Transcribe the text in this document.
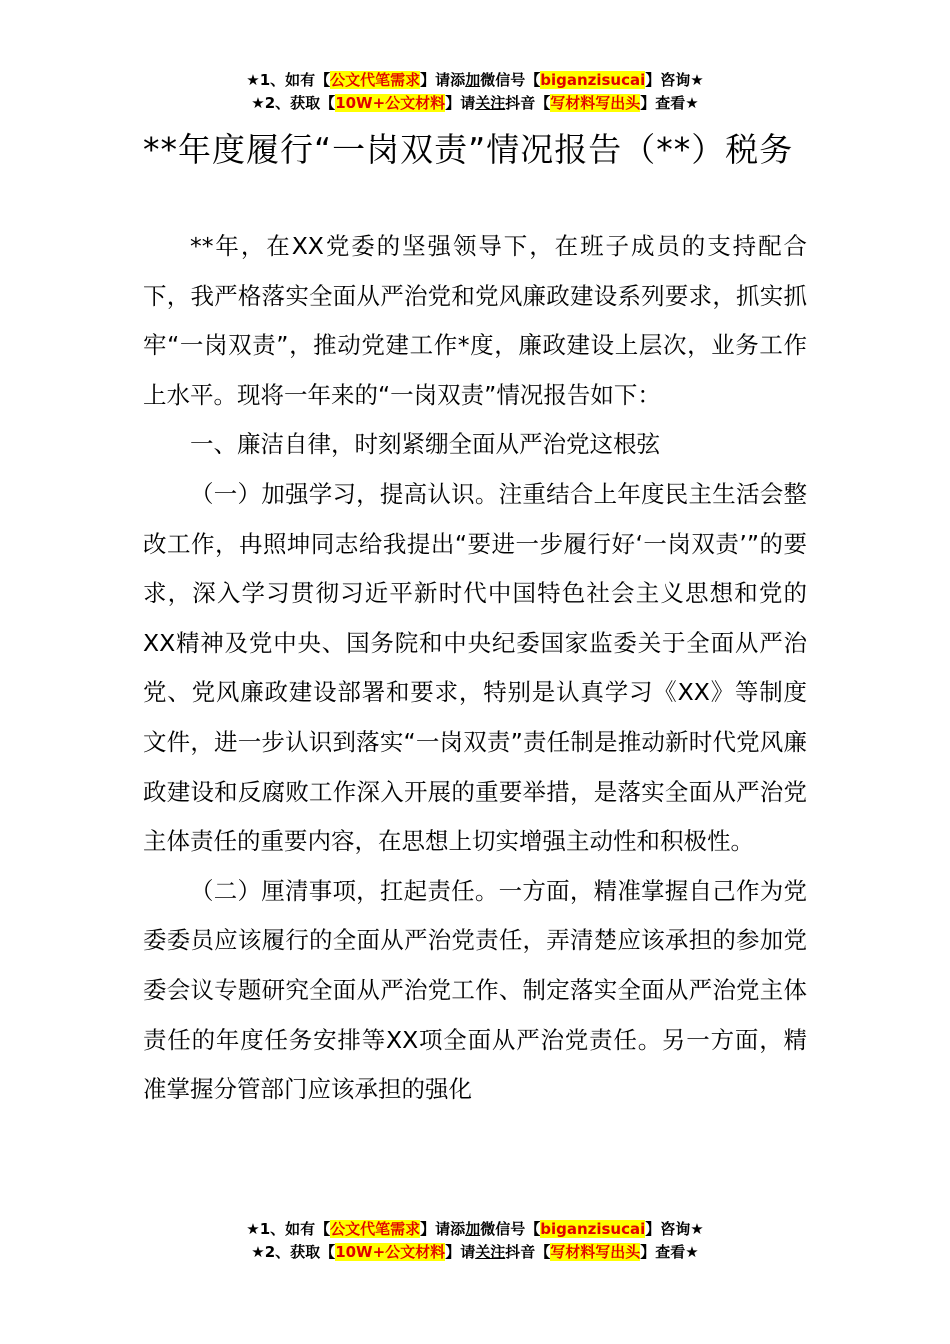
★1、如有【公文代笔需求】请添加微信号【biganzisucai】咨询★
★2、获取【10W+公文材料】请关注抖音【写材料写出头】查看★
**年度履行“一岗双责”情况报告（**）税务

**年，在XX党委的坚强领导下，在班子成员的支持配合下，我严格落实全面从严治党和党风廉政建设系列要求，抓实抓牢“一岗双责”，推动党建工作*度，廉政建设上层次，业务工作上水平。现将一年来的“一岗双责”情况报告如下：

一、廉洁自律，时刻紧绷全面从严治党这根弦

（一）加强学习，提高认识。注重结合上年度民主生活会整改工作，冉照坤同志给我提出“要进一步履行好‘一岗双责’”的要求，深入学习贯彻习近平新时代中国特色社会主义思想和党的XX精神及党中央、国务院和中央纪委国家监委关于全面从严治党、党风廉政建设部署和要求，特别是认真学习《XX》等制度文件，进一步认识到落实“一岗双责”责任制是推动新时代党风廉政建设和反腐败工作深入开展的重要举措，是落实全面从严治党主体责任的重要内容，在思想上切实增强主动性和积极性。

（二）厘清事项，扛起责任。一方面，精准掌握自己作为党委委员应该履行的全面从严治党责任，弄清楚应该承担的参加党委会议专题研究全面从严治党工作、制定落实全面从严治党主体责任的年度任务安排等XX项全面从严治党责任。另一方面，精准掌握分管部门应该承担的强化

★1、如有【公文代笔需求】请添加微信号【biganzisucai】咨询★
★2、获取【10W+公文材料】请关注抖音【写材料写出头】查看★
